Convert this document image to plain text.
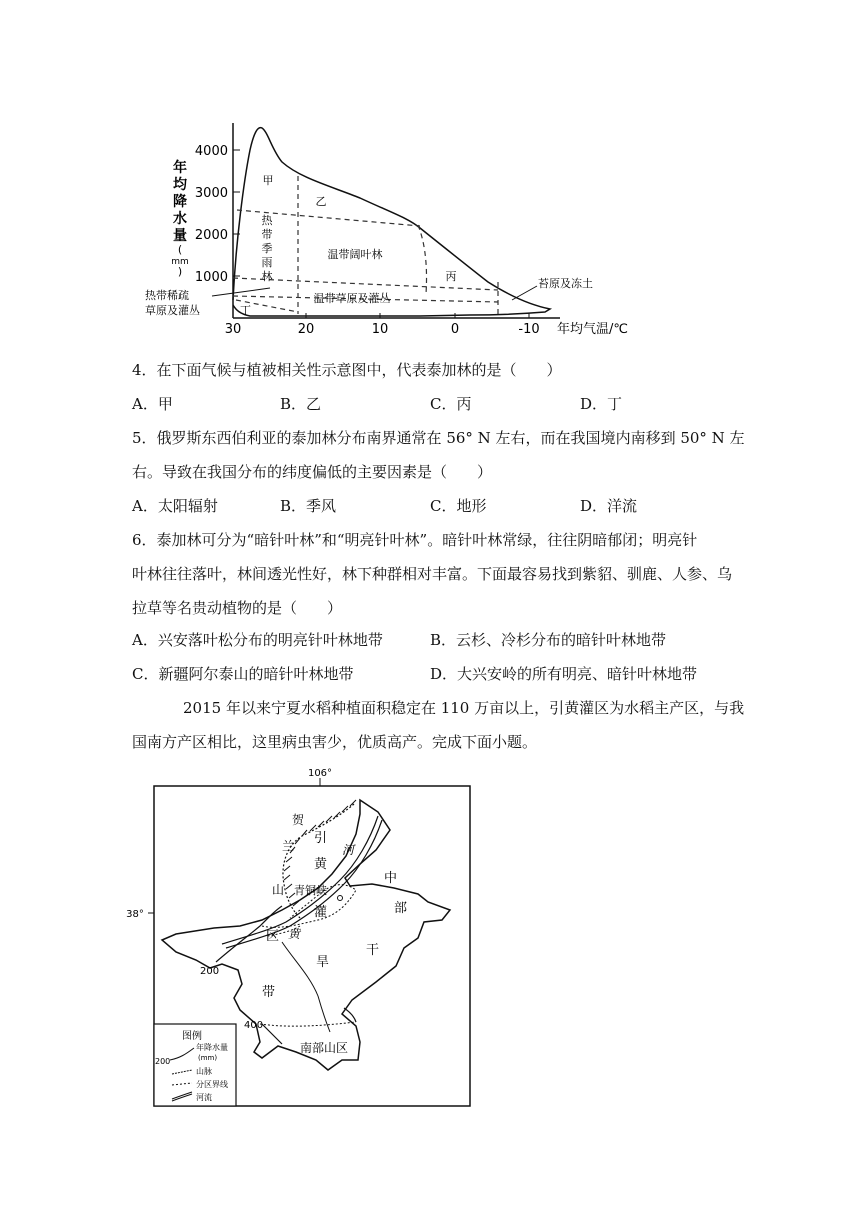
4000
3000
2000
1000
30	20	10	0	-10 年均气温/℃
年
均
降
水
量
(
mm
)
甲
乙
热
带
季
雨
林
温带阔叶林
丙
苔原及冻土
热带稀疏
草原及灌丛	丁
温带草原及灌丛
4．在下面气候与植被相关性示意图中，代表泰加林的是（　　）
A．甲	B．乙	C．丙	D．丁
5．俄罗斯东西伯利亚的泰加林分布南界通常在 56° N 左右，而在我国境内南移到 50° N 左
右。导致在我国分布的纬度偏低的主要因素是（　　）
A．太阳辐射	B．季风	C．地形	D．洋流
6．泰加林可分为“暗针叶林”和“明亮针叶林”。暗针叶林常绿，往往阴暗郁闭；明亮针
叶林往往落叶，林间透光性好，林下种群相对丰富。下面最容易找到紫貂、驯鹿、人参、乌
拉草等名贵动植物的是（　　）
A．兴安落叶松分布的明亮针叶林地带	B．云杉、冷杉分布的暗针叶林地带
C．新疆阿尔泰山的暗针叶林地带	D．大兴安岭的所有明亮、暗针叶林地带
2015 年以来宁夏水稻种植面积稳定在 110 万亩以上，引黄灌区为水稻主产区，与我
国南方产区相比，这里病虫害少，优质高产。完成下面小题。
106°
38°
200
400
贺
兰
山
引
黄
灌
区
河
黄
青铜峡
中
部
干
旱
带
南部山区
图例
200
年降水量
(mm)
山脉
分区界线
河流
